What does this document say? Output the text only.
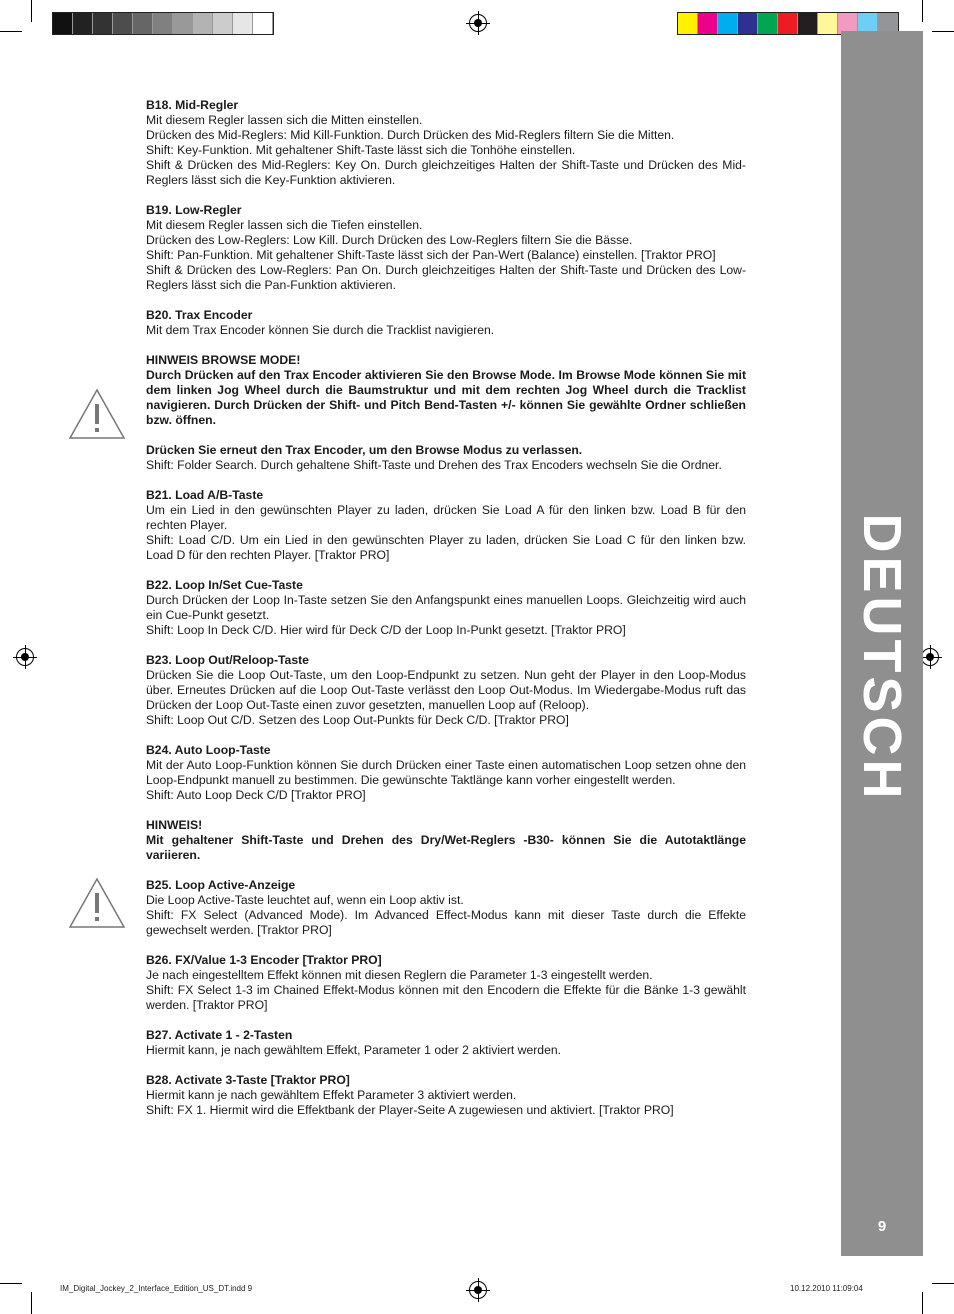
DEUTSCH
9
B18. Mid-Regler
Mit diesem Regler lassen sich die Mitten einstellen.
Drücken des Mid-Reglers: Mid Kill-Funktion. Durch Drücken des Mid-Reglers filtern Sie die Mitten.
Shift: Key-Funktion. Mit gehaltener Shift-Taste lässt sich die Tonhöhe einstellen.
Shift & Drücken des Mid-Reglers: Key On. Durch gleichzeitiges Halten der Shift-Taste und Drücken des Mid-Reglers lässt sich die Key-Funktion aktivieren.
B19. Low-Regler
Mit diesem Regler lassen sich die Tiefen einstellen.
Drücken des Low-Reglers: Low Kill. Durch Drücken des Low-Reglers filtern Sie die Bässe.
Shift: Pan-Funktion. Mit gehaltener Shift-Taste lässt sich der Pan-Wert (Balance) einstellen. [Traktor PRO]
Shift & Drücken des Low-Reglers: Pan On. Durch gleichzeitiges Halten der Shift-Taste und Drücken des Low-Reglers lässt sich die Pan-Funktion aktivieren.
B20. Trax Encoder
Mit dem Trax Encoder können Sie durch die Tracklist navigieren.
HINWEIS BROWSE MODE!
Durch Drücken auf den Trax Encoder aktivieren Sie den Browse Mode. Im Browse Mode können Sie mit dem linken Jog Wheel durch die Baumstruktur und mit dem rechten Jog Wheel durch die Tracklist navigieren. Durch Drücken der Shift- und Pitch Bend-Tasten +/- können Sie gewählte Ordner schließen bzw. öffnen.
Drücken Sie erneut den Trax Encoder, um den Browse Modus zu verlassen.
Shift: Folder Search. Durch gehaltene Shift-Taste und Drehen des Trax Encoders wechseln Sie die Ordner.
B21. Load A/B-Taste
Um ein Lied in den gewünschten Player zu laden, drücken Sie Load A für den linken bzw. Load B für den rechten Player.
Shift: Load C/D. Um ein Lied in den gewünschten Player zu laden, drücken Sie Load C für den linken bzw. Load D für den rechten Player. [Traktor PRO]
B22. Loop In/Set Cue-Taste
Durch Drücken der Loop In-Taste setzen Sie den Anfangspunkt eines manuellen Loops. Gleichzeitig wird auch ein Cue-Punkt gesetzt.
Shift: Loop In Deck C/D. Hier wird für Deck C/D der Loop In-Punkt gesetzt. [Traktor PRO]
B23. Loop Out/Reloop-Taste
Drücken Sie die Loop Out-Taste, um den Loop-Endpunkt zu setzen. Nun geht der Player in den Loop-Modus über. Erneutes Drücken auf die Loop Out-Taste verlässt den Loop Out-Modus. Im Wiedergabe-Modus ruft das Drücken der Loop Out-Taste einen zuvor gesetzten, manuellen Loop auf (Reloop).
Shift: Loop Out C/D. Setzen des Loop Out-Punkts für Deck C/D. [Traktor PRO]
B24. Auto Loop-Taste
Mit der Auto Loop-Funktion können Sie durch Drücken einer Taste einen automatischen Loop setzen ohne den Loop-Endpunkt manuell zu bestimmen. Die gewünschte Taktlänge kann vorher eingestellt werden.
Shift: Auto Loop Deck C/D [Traktor PRO]
HINWEIS!
Mit gehaltener Shift-Taste und Drehen des Dry/Wet-Reglers -B30- können Sie die Autotaktlänge variieren.
B25. Loop Active-Anzeige
Die Loop Active-Taste leuchtet auf, wenn ein Loop aktiv ist.
Shift: FX Select (Advanced Mode). Im Advanced Effect-Modus kann mit dieser Taste durch die Effekte gewechselt werden. [Traktor PRO]
B26. FX/Value 1-3 Encoder [Traktor PRO]
Je nach eingestelltem Effekt können mit diesen Reglern die Parameter 1-3 eingestellt werden.
Shift: FX Select 1-3 im Chained Effekt-Modus können mit den Encodern die Effekte für die Bänke 1-3 gewählt werden. [Traktor PRO]
B27. Activate 1 - 2-Tasten
Hiermit kann, je nach gewähltem Effekt, Parameter 1 oder 2 aktiviert werden.
B28. Activate 3-Taste [Traktor PRO]
Hiermit kann je nach gewähltem Effekt Parameter 3 aktiviert werden.
Shift: FX 1. Hiermit wird die Effektbank der Player-Seite A zugewiesen und aktiviert. [Traktor PRO]
IM_Digital_Jockey_2_Interface_Edition_US_DT.indd 9	10.12.2010 11:09:04
